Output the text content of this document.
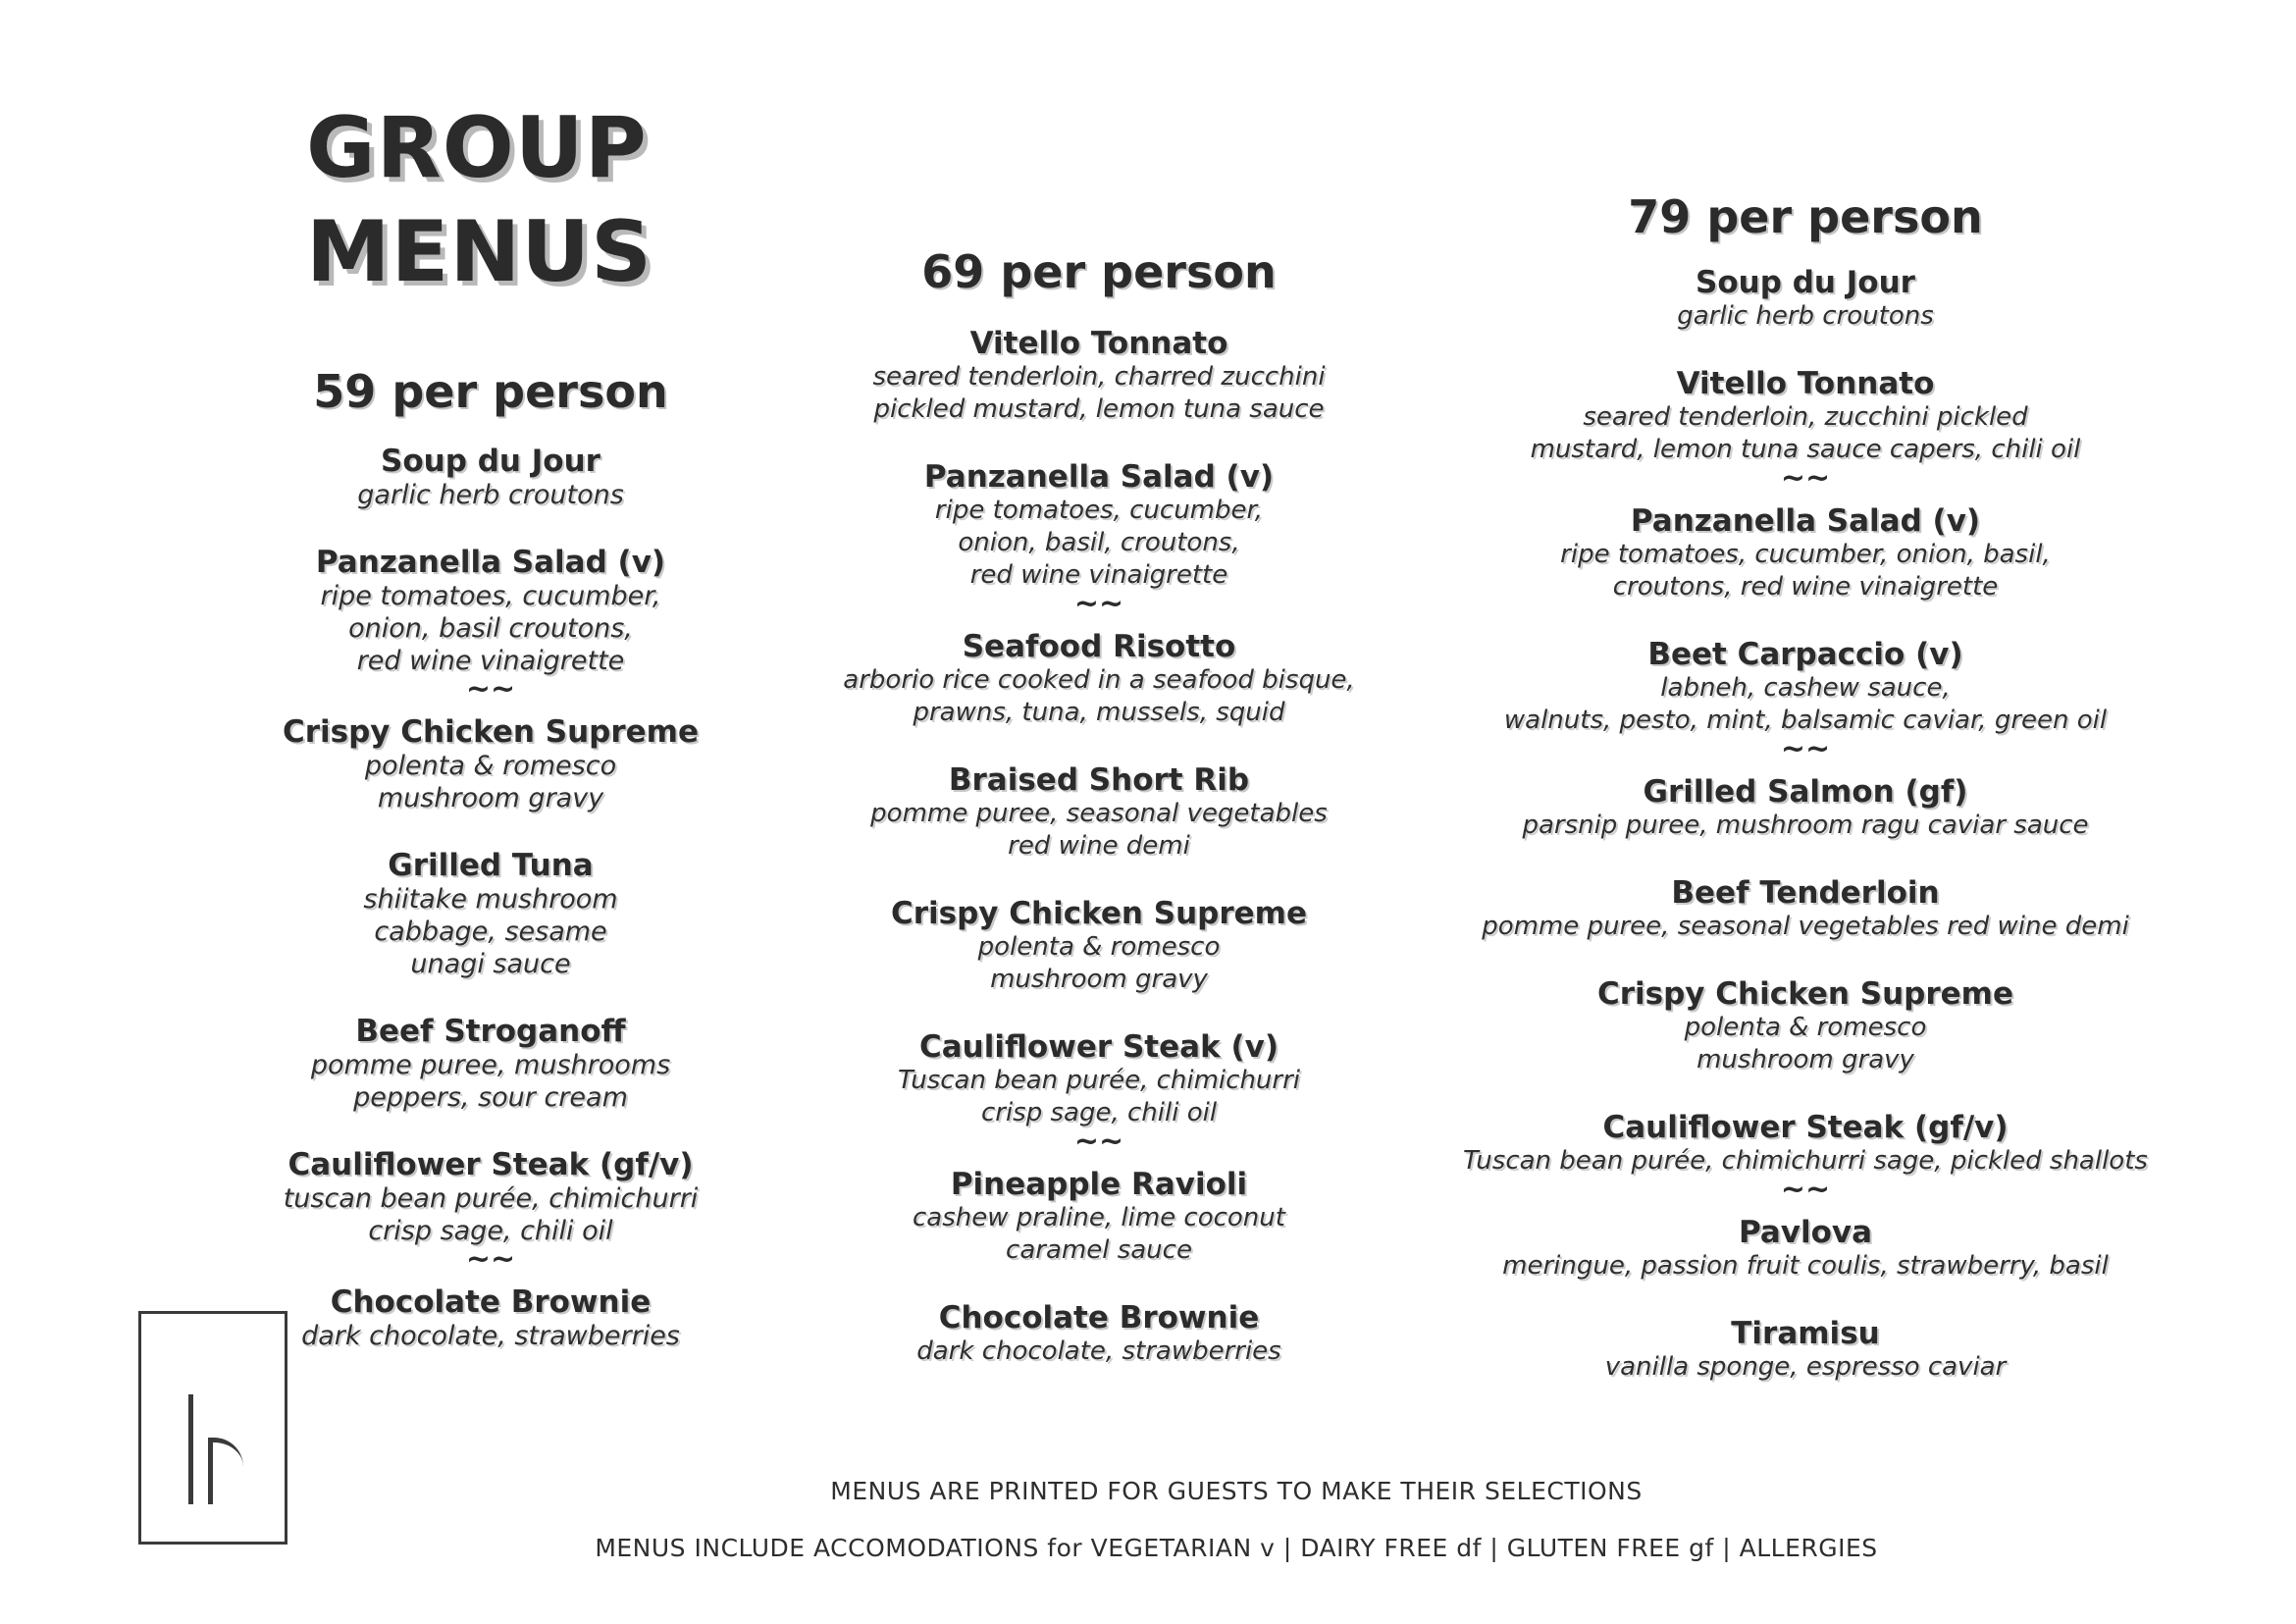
GROUP
MENUS
59 per person
Soup du Jour
garlic herb croutons
Panzanella Salad (v)
ripe tomatoes, cucumber,
onion, basil croutons,
red wine vinaigrette
~~
Crispy Chicken Supreme
polenta & romesco
mushroom gravy
Grilled Tuna
shiitake mushroom
cabbage, sesame
unagi sauce
Beef Stroganoff
pomme puree, mushrooms
peppers, sour cream
Cauliflower Steak (gf/v)
tuscan bean purée, chimichurri
crisp sage, chili oil
~~
Chocolate Brownie
dark chocolate, strawberries
69 per person
Vitello Tonnato
seared tenderloin, charred zucchini
pickled mustard, lemon tuna sauce
Panzanella Salad (v)
ripe tomatoes, cucumber,
onion, basil, croutons,
red wine vinaigrette
~~
Seafood Risotto
arborio rice cooked in a seafood bisque,
prawns, tuna, mussels, squid
Braised Short Rib
pomme puree, seasonal vegetables
red wine demi
Crispy Chicken Supreme
polenta & romesco
mushroom gravy
Cauliflower Steak (v)
Tuscan bean purée, chimichurri
crisp sage, chili oil
~~
Pineapple Ravioli
cashew praline, lime coconut
caramel sauce
Chocolate Brownie
dark chocolate, strawberries
79 per person
Soup du Jour
garlic herb croutons
Vitello Tonnato
seared tenderloin, zucchini pickled
mustard, lemon tuna sauce capers, chili oil
~~
Panzanella Salad (v)
ripe tomatoes, cucumber, onion, basil,
croutons, red wine vinaigrette
Beet Carpaccio (v)
labneh, cashew sauce,
walnuts, pesto, mint, balsamic caviar, green oil
~~
Grilled Salmon (gf)
parsnip puree, mushroom ragu caviar sauce
Beef Tenderloin
pomme puree, seasonal vegetables red wine demi
Crispy Chicken Supreme
polenta & romesco
mushroom gravy
Cauliflower Steak (gf/v)
Tuscan bean purée, chimichurri sage, pickled shallots
~~
Pavlova
meringue, passion fruit coulis, strawberry, basil
Tiramisu
vanilla sponge, espresso caviar

MENUS ARE PRINTED FOR GUESTS TO MAKE THEIR SELECTIONS

MENUS INCLUDE ACCOMODATIONS for VEGETARIAN v | DAIRY FREE df | GLUTEN FREE gf | ALLERGIES
